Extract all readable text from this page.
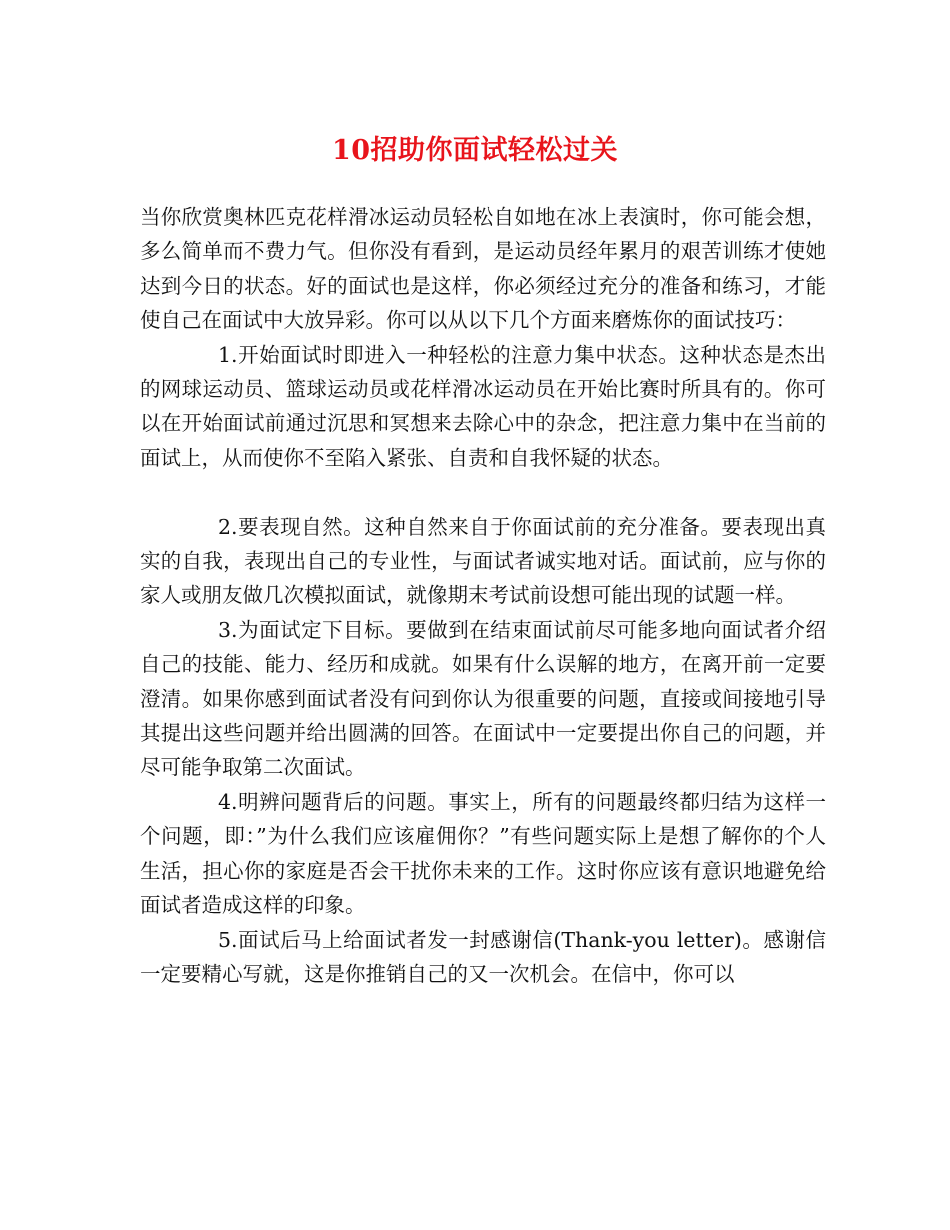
10招助你面试轻松过关

当你欣赏奥林匹克花样滑冰运动员轻松自如地在冰上表演时，你可能会想，多么简单而不费力气。但你没有看到，是运动员经年累月的艰苦训练才使她达到今日的状态。好的面试也是这样，你必须经过充分的准备和练习，才能使自己在面试中大放异彩。你可以从以下几个方面来磨炼你的面试技巧：

1.开始面试时即进入一种轻松的注意力集中状态。这种状态是杰出的网球运动员、篮球运动员或花样滑冰运动员在开始比赛时所具有的。你可以在开始面试前通过沉思和冥想来去除心中的杂念，把注意力集中在当前的面试上，从而使你不至陷入紧张、自责和自我怀疑的状态。

2.要表现自然。这种自然来自于你面试前的充分准备。要表现出真实的自我，表现出自己的专业性，与面试者诚实地对话。面试前，应与你的家人或朋友做几次模拟面试，就像期末考试前设想可能出现的试题一样。

3.为面试定下目标。要做到在结束面试前尽可能多地向面试者介绍自己的技能、能力、经历和成就。如果有什么误解的地方，在离开前一定要澄清。如果你感到面试者没有问到你认为很重要的问题，直接或间接地引导其提出这些问题并给出圆满的回答。在面试中一定要提出你自己的问题，并尽可能争取第二次面试。

4.明辨问题背后的问题。事实上，所有的问题最终都归结为这样一个问题，即：”为什么我们应该雇佣你？”有些问题实际上是想了解你的个人生活，担心你的家庭是否会干扰你未来的工作。这时你应该有意识地避免给面试者造成这样的印象。

5.面试后马上给面试者发一封感谢信(Thank-you letter)。感谢信一定要精心写就，这是你推销自己的又一次机会。在信中，你可以
